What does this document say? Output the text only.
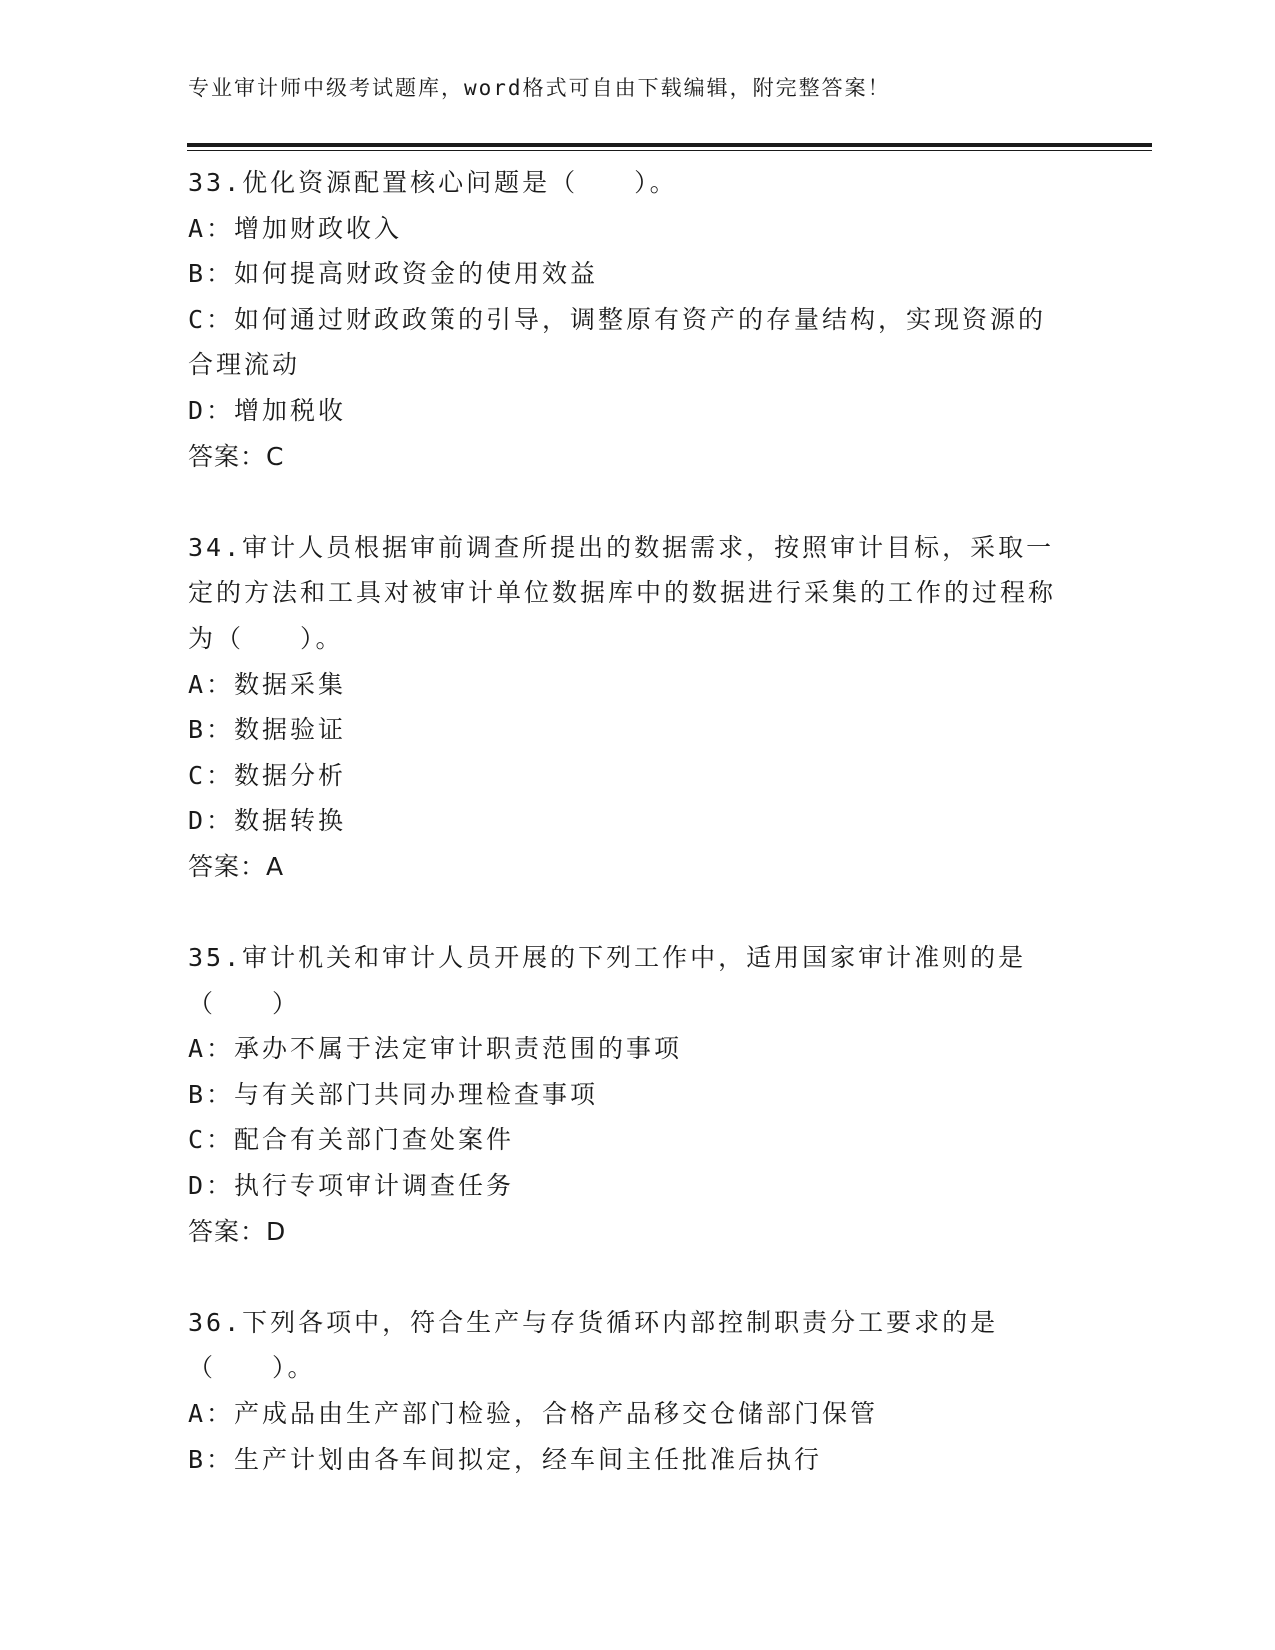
专业审计师中级考试题库，word格式可自由下载编辑，附完整答案！

33.优化资源配置核心问题是（　　）。

A：增加财政收入

B：如何提高财政资金的使用效益

C：如何通过财政政策的引导，调整原有资产的存量结构，实现资源的合理流动

D：增加税收

答案：C

34.审计人员根据审前调查所提出的数据需求，按照审计目标，采取一定的方法和工具对被审计单位数据库中的数据进行采集的工作的过程称为（　　）。

A：数据采集

B：数据验证

C：数据分析

D：数据转换

答案：A

35.审计机关和审计人员开展的下列工作中，适用国家审计准则的是（　　）

A：承办不属于法定审计职责范围的事项

B：与有关部门共同办理检查事项

C：配合有关部门查处案件

D：执行专项审计调查任务

答案：D

36.下列各项中，符合生产与存货循环内部控制职责分工要求的是（　　）。

A：产成品由生产部门检验，合格产品移交仓储部门保管

B：生产计划由各车间拟定，经车间主任批准后执行
